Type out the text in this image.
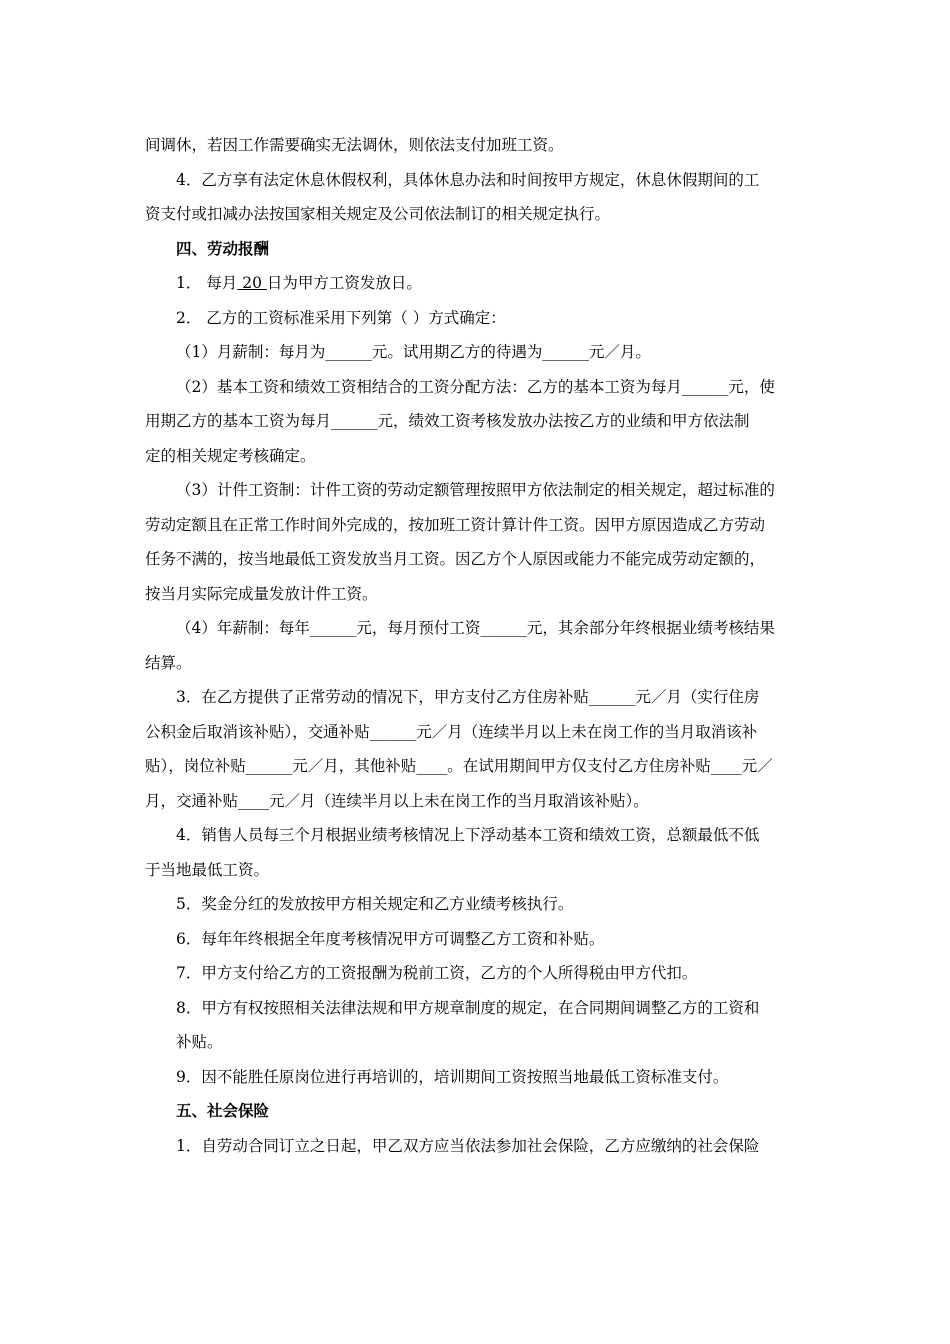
间调休，若因工作需要确实无法调休，则依法支付加班工资。
4．乙方享有法定休息休假权利，具体休息办法和时间按甲方规定，休息休假期间的工
资支付或扣减办法按国家相关规定及公司依法制订的相关规定执行。
四、劳动报酬
1． 每月 20 日为甲方工资发放日。
2． 乙方的工资标准采用下列第（ ）方式确定：
（1）月薪制：每月为______元。试用期乙方的待遇为______元／月。
（2）基本工资和绩效工资相结合的工资分配方法：乙方的基本工资为每月______元，使
用期乙方的基本工资为每月______元，绩效工资考核发放办法按乙方的业绩和甲方依法制
定的相关规定考核确定。
（3）计件工资制：计件工资的劳动定额管理按照甲方依法制定的相关规定，超过标准的
劳动定额且在正常工作时间外完成的，按加班工资计算计件工资。因甲方原因造成乙方劳动
任务不满的，按当地最低工资发放当月工资。因乙方个人原因或能力不能完成劳动定额的，
按当月实际完成量发放计件工资。
（4）年薪制：每年______元，每月预付工资______元，其余部分年终根据业绩考核结果
结算。
3．在乙方提供了正常劳动的情况下，甲方支付乙方住房补贴______元／月（实行住房
公积金后取消该补贴），交通补贴______元／月（连续半月以上未在岗工作的当月取消该补
贴），岗位补贴______元／月，其他补贴____。在试用期间甲方仅支付乙方住房补贴____元／
月，交通补贴____元／月（连续半月以上未在岗工作的当月取消该补贴）。
4．销售人员每三个月根据业绩考核情况上下浮动基本工资和绩效工资，总额最低不低
于当地最低工资。
5．奖金分红的发放按甲方相关规定和乙方业绩考核执行。
6．每年年终根据全年度考核情况甲方可调整乙方工资和补贴。
7．甲方支付给乙方的工资报酬为税前工资，乙方的个人所得税由甲方代扣。
8．甲方有权按照相关法律法规和甲方规章制度的规定，在合同期间调整乙方的工资和
补贴。
9．因不能胜任原岗位进行再培训的，培训期间工资按照当地最低工资标准支付。
五、社会保险
1．自劳动合同订立之日起，甲乙双方应当依法参加社会保险，乙方应缴纳的社会保险
